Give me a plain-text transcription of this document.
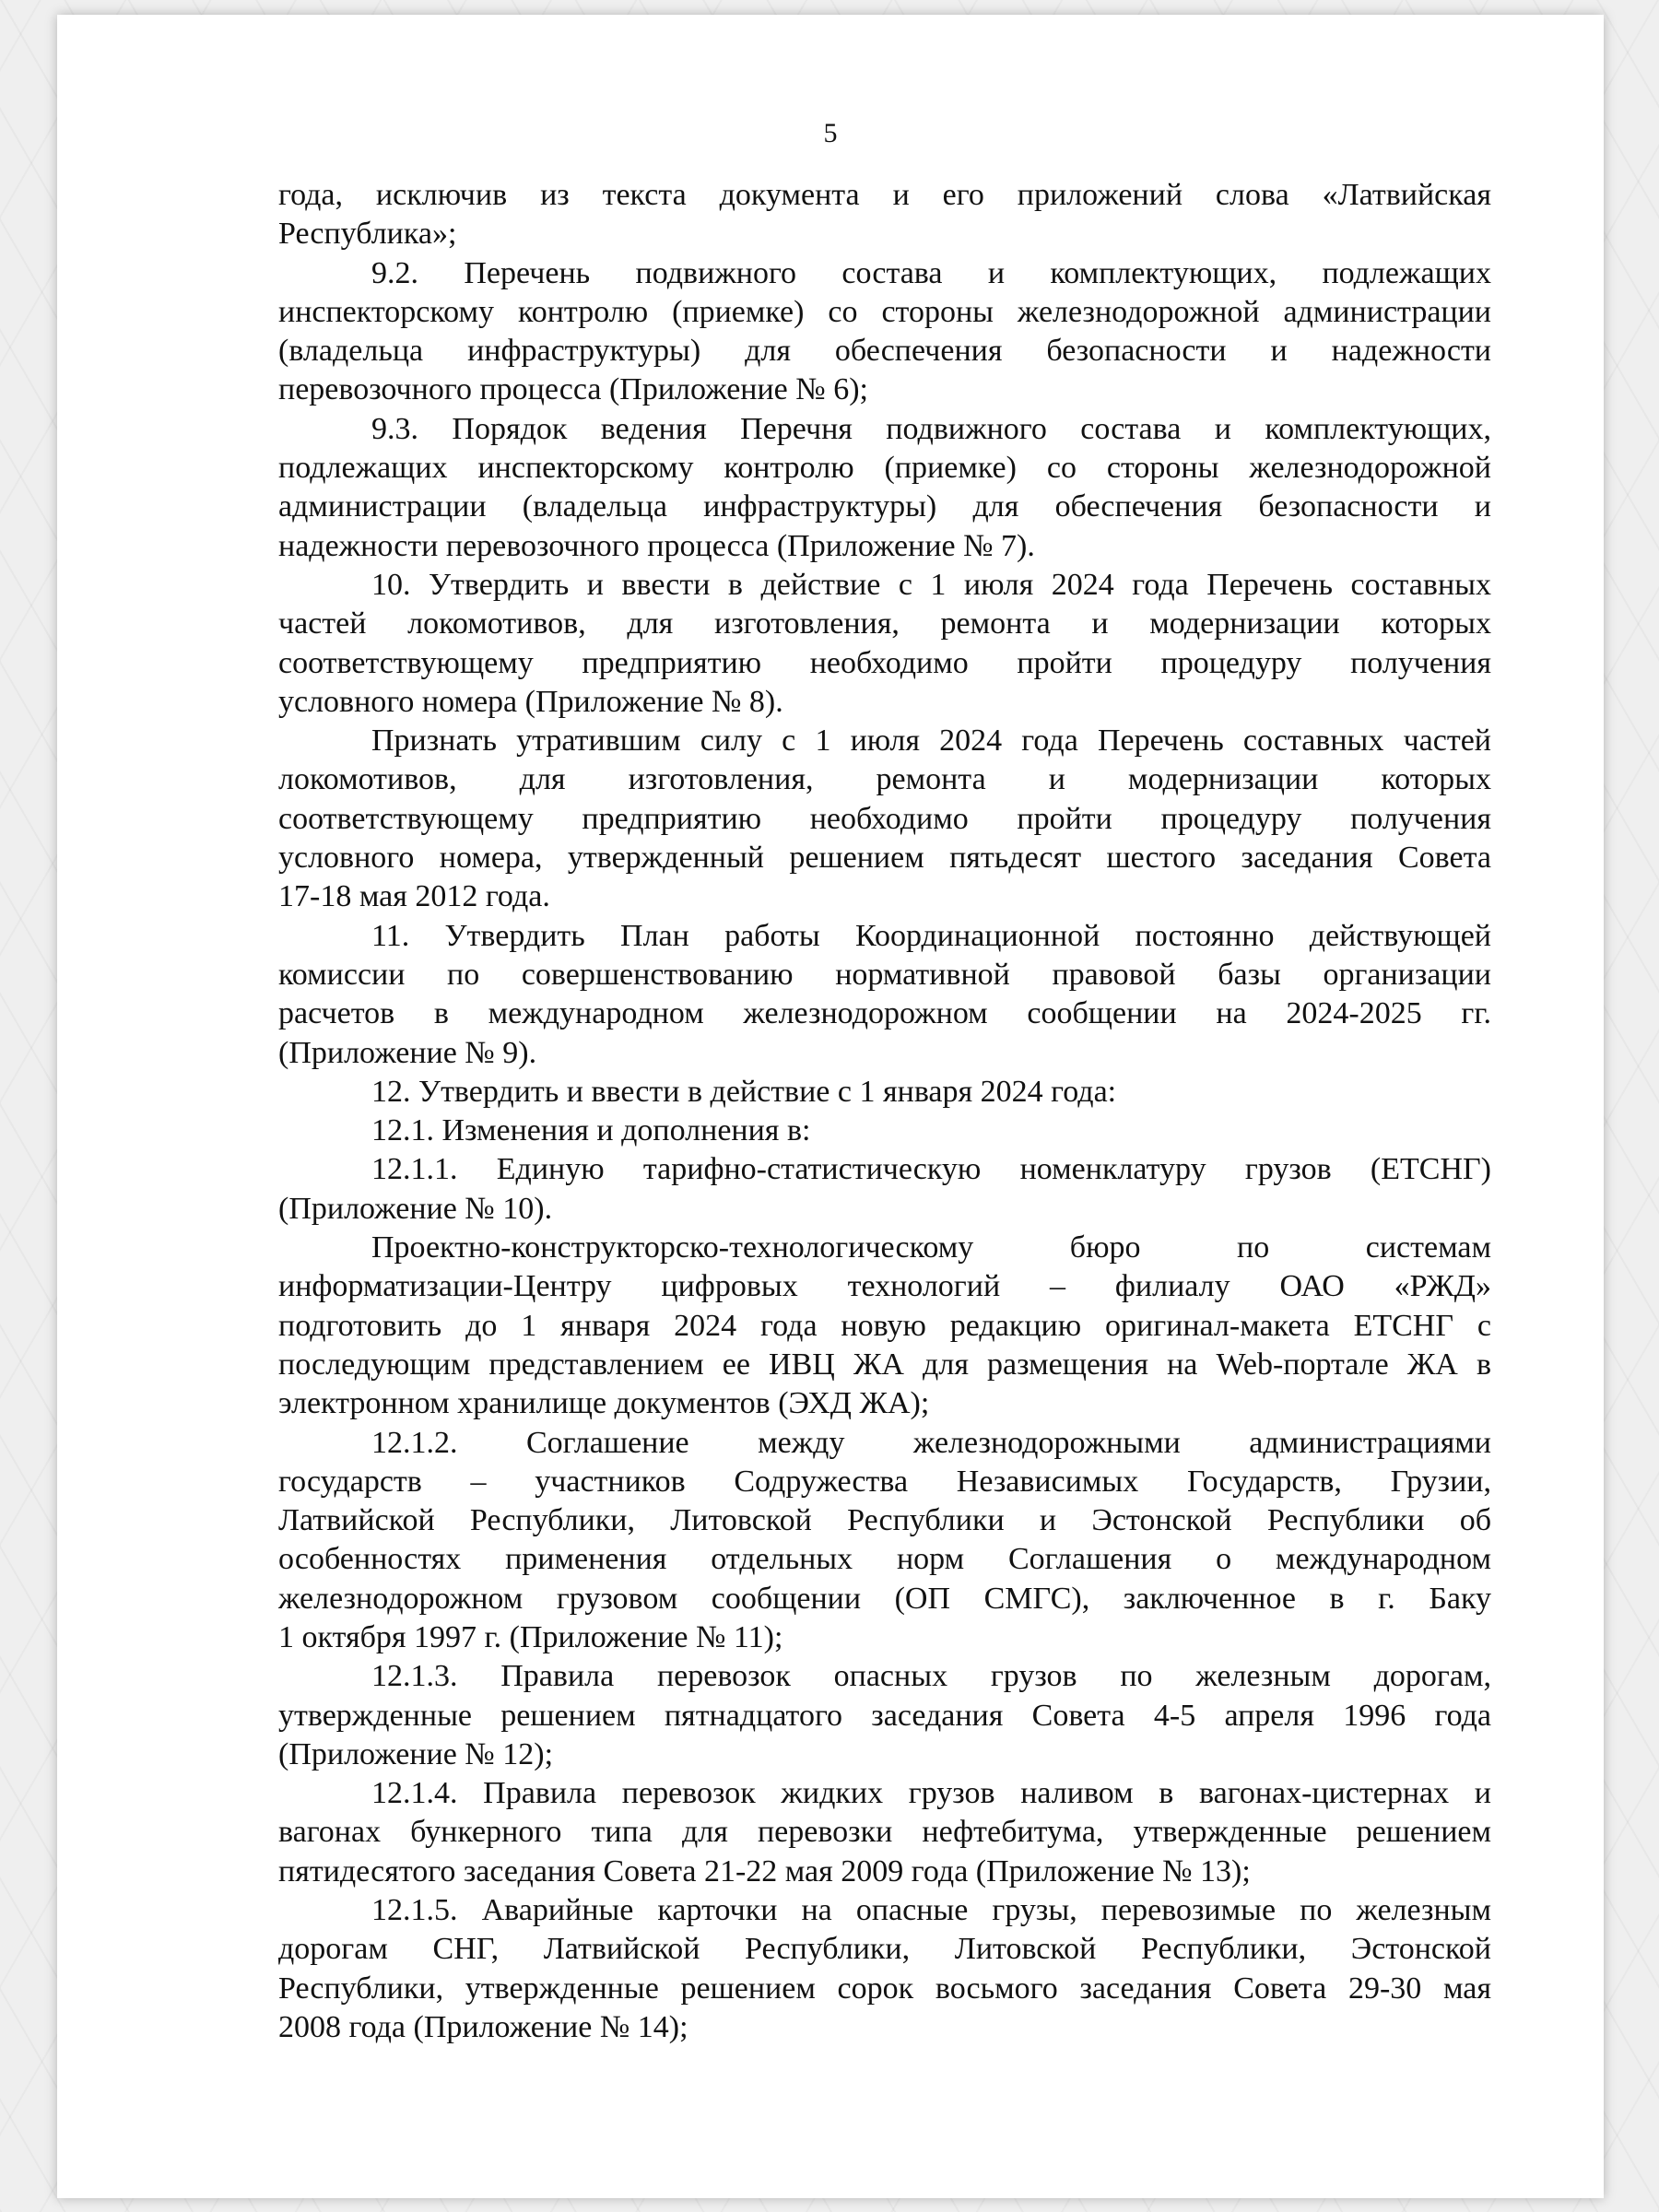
5
года, исключив из текста документа и его приложений слова «Латвийская
Республика»;
9.2. Перечень подвижного состава и комплектующих, подлежащих
инспекторскому контролю (приемке) со стороны железнодорожной администрации
(владельца инфраструктуры) для обеспечения безопасности и надежности
перевозочного процесса (Приложение № 6);
9.3. Порядок ведения Перечня подвижного состава и комплектующих,
подлежащих инспекторскому контролю (приемке) со стороны железнодорожной
администрации (владельца инфраструктуры) для обеспечения безопасности и
надежности перевозочного процесса (Приложение № 7).
10. Утвердить и ввести в действие с 1 июля 2024 года Перечень составных
частей локомотивов, для изготовления, ремонта и модернизации которых
соответствующему предприятию необходимо пройти процедуру получения
условного номера (Приложение № 8).
Признать утратившим силу с 1 июля 2024 года Перечень составных частей
локомотивов, для изготовления, ремонта и модернизации которых
соответствующему предприятию необходимо пройти процедуру получения
условного номера, утвержденный решением пятьдесят шестого заседания Совета
17-18 мая 2012 года.
11. Утвердить План работы Координационной постоянно действующей
комиссии по совершенствованию нормативной правовой базы организации
расчетов в международном железнодорожном сообщении на 2024-2025 гг.
(Приложение № 9).
12. Утвердить и ввести в действие с 1 января 2024 года:
12.1. Изменения и дополнения в:
12.1.1. Единую тарифно-статистическую номенклатуру грузов (ЕТСНГ)
(Приложение № 10).
Проектно-конструкторско-технологическому бюро по системам
информатизации-Центру цифровых технологий – филиалу ОАО «РЖД»
подготовить до 1 января 2024 года новую редакцию оригинал-макета ЕТСНГ с
последующим представлением ее ИВЦ ЖА для размещения на Web-портале ЖА в
электронном хранилище документов (ЭХД ЖА);
12.1.2. Соглашение между железнодорожными администрациями
государств – участников Содружества Независимых Государств, Грузии,
Латвийской Республики, Литовской Республики и Эстонской Республики об
особенностях применения отдельных норм Соглашения о международном
железнодорожном грузовом сообщении (ОП СМГС), заключенное в г. Баку
1 октября 1997 г. (Приложение № 11);
12.1.3. Правила перевозок опасных грузов по железным дорогам,
утвержденные решением пятнадцатого заседания Совета 4-5 апреля 1996 года
(Приложение № 12);
12.1.4. Правила перевозок жидких грузов наливом в вагонах-цистернах и
вагонах бункерного типа для перевозки нефтебитума, утвержденные решением
пятидесятого заседания Совета 21-22 мая 2009 года (Приложение № 13);
12.1.5. Аварийные карточки на опасные грузы, перевозимые по железным
дорогам СНГ, Латвийской Республики, Литовской Республики, Эстонской
Республики, утвержденные решением сорок восьмого заседания Совета 29-30 мая
2008 года (Приложение № 14);
